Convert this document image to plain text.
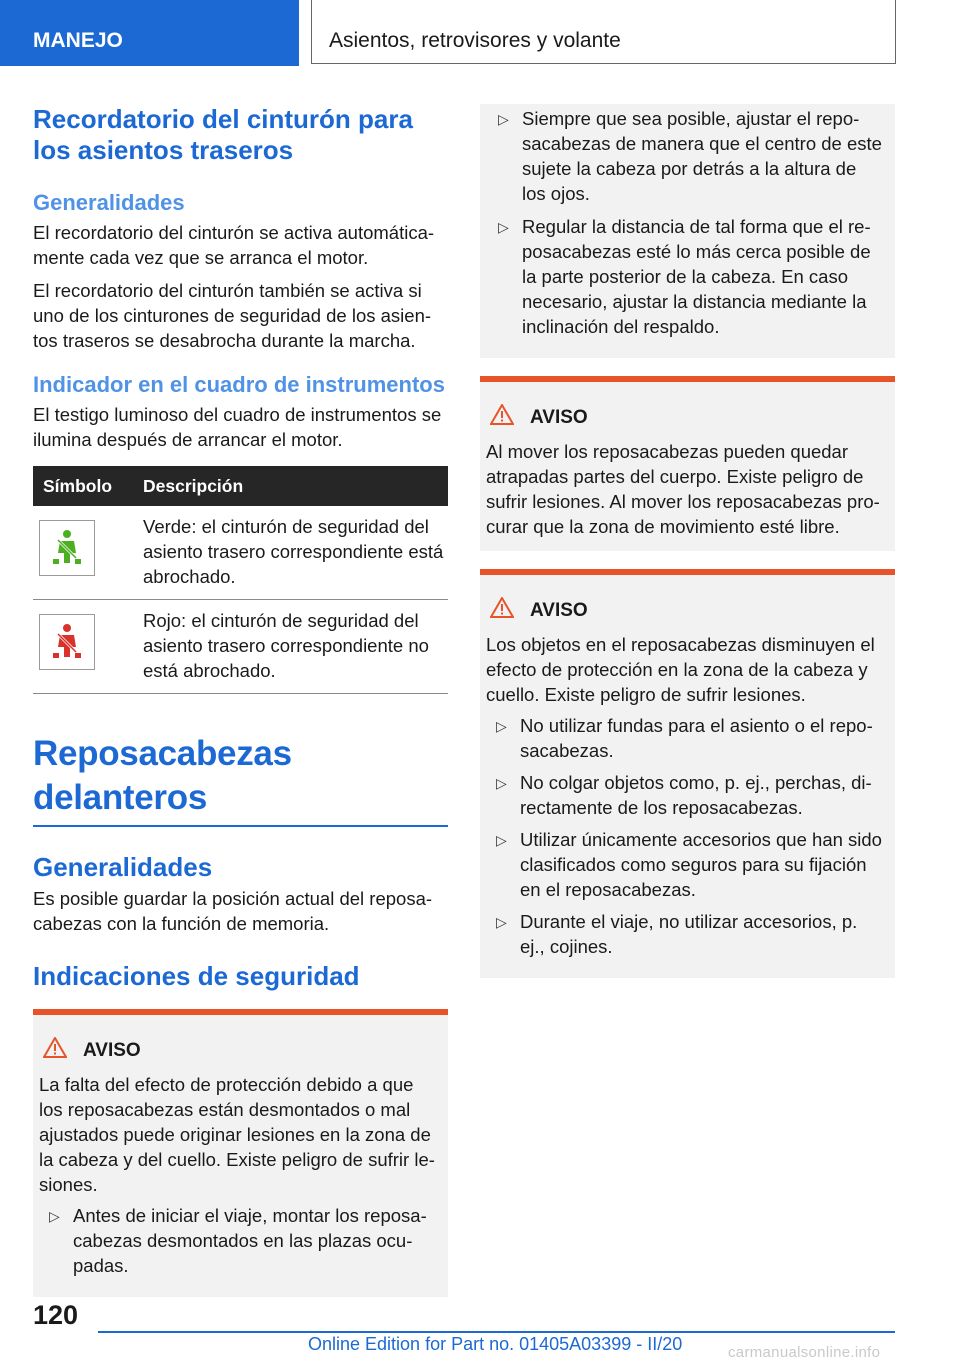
MANEJO	Asientos, retrovisores y volante
Recordatorio del cinturón para los asientos traseros
Generalidades

El recordatorio del cinturón se activa automáticamente cada vez que se arranca el motor.

El recordatorio del cinturón también se activa si uno de los cinturones de seguridad de los asientos traseros se desabrocha durante la marcha.

Indicador en el cuadro de instrumentos

El testigo luminoso del cuadro de instrumentos se ilumina después de arrancar el motor.

Símbolo	Descripción

	Verde: el cinturón de seguridad del asiento trasero correspondiente está abrochado.

	Rojo: el cinturón de seguridad del asiento trasero correspondiente no está abrochado.
Reposacabezas delanteros
Generalidades

Es posible guardar la posición actual del reposacabezas con la función de memoria.

Indicaciones de seguridad
AVISO

La falta del efecto de protección debido a que los reposacabezas están desmontados o mal ajustados puede originar lesiones en la zona de la cabeza y del cuello. Existe peligro de sufrir lesiones.

▷ Antes de iniciar el viaje, montar los reposacabezas desmontados en las plazas ocupadas.
▷ Siempre que sea posible, ajustar el reposacabezas de manera que el centro de este sujete la cabeza por detrás a la altura de los ojos.
▷ Regular la distancia de tal forma que el reposacabezas esté lo más cerca posible de la parte posterior de la cabeza. En caso necesario, ajustar la distancia mediante la inclinación del respaldo.
AVISO

Al mover los reposacabezas pueden quedar atrapadas partes del cuerpo. Existe peligro de sufrir lesiones. Al mover los reposacabezas procurar que la zona de movimiento esté libre.

AVISO

Los objetos en el reposacabezas disminuyen el efecto de protección en la zona de la cabeza y cuello. Existe peligro de sufrir lesiones.

▷ No utilizar fundas para el asiento o el reposacabezas.
▷ No colgar objetos como, p. ej., perchas, directamente de los reposacabezas.
▷ Utilizar únicamente accesorios que han sido clasificados como seguros para su fijación en el reposacabezas.
▷ Durante el viaje, no utilizar accesorios, p. ej., cojines.
120
Online Edition for Part no. 01405A03399 - II/20	carmanualsonline.info
